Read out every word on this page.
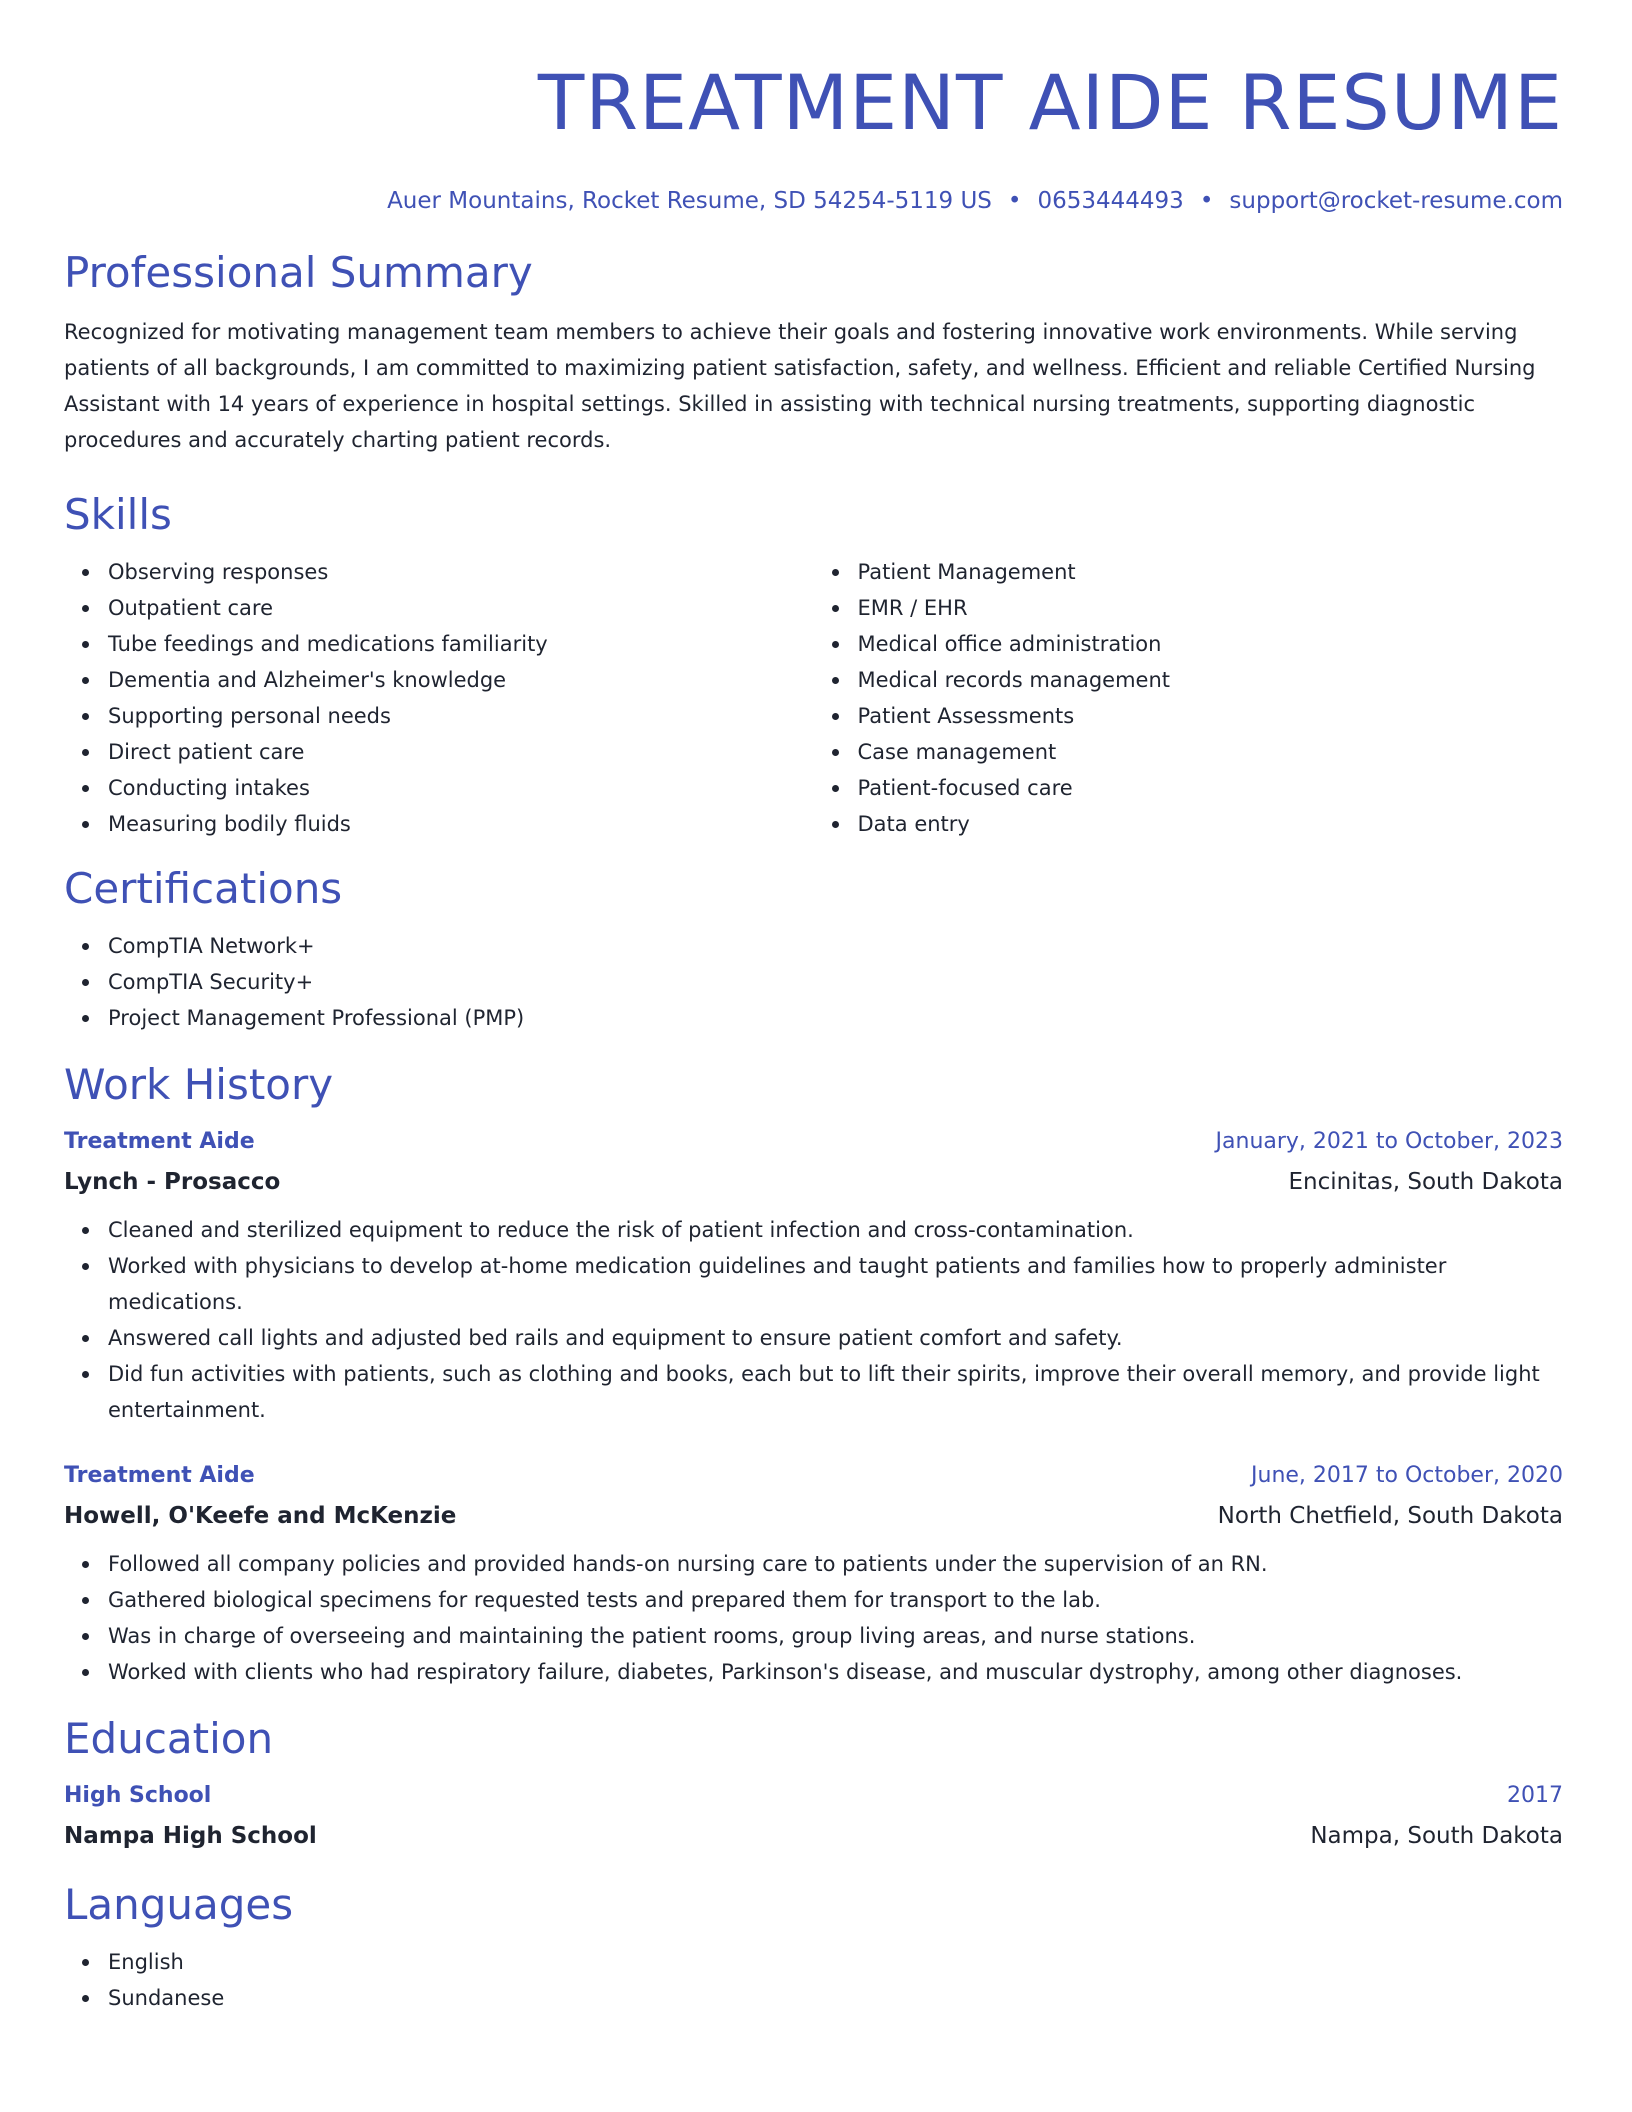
TREATMENT AIDE RESUME
Auer Mountains, Rocket Resume, SD 54254-5119 US • 0653444493 • support@rocket-resume.com
Professional Summary

Recognized for motivating management team members to achieve their goals and fostering innovative work environments. While serving patients of all backgrounds, I am committed to maximizing patient satisfaction, safety, and wellness. Efficient and reliable Certified Nursing Assistant with 14 years of experience in hospital settings. Skilled in assisting with technical nursing treatments, supporting diagnostic procedures and accurately charting patient records.

Skills
Observing responses
Outpatient care
Tube feedings and medications familiarity
Dementia and Alzheimer's knowledge
Supporting personal needs
Direct patient care
Conducting intakes
Measuring bodily fluids
Patient Management
EMR / EHR
Medical office administration
Medical records management
Patient Assessments
Case management
Patient-focused care
Data entry
Certifications
CompTIA Network+
CompTIA Security+
Project Management Professional (PMP)
Work History
Treatment Aide	January, 2021 to October, 2023
Lynch - Prosacco	Encinitas, South Dakota
Cleaned and sterilized equipment to reduce the risk of patient infection and cross-contamination.
Worked with physicians to develop at-home medication guidelines and taught patients and families how to properly administer medications.
Answered call lights and adjusted bed rails and equipment to ensure patient comfort and safety.
Did fun activities with patients, such as clothing and books, each but to lift their spirits, improve their overall memory, and provide light entertainment.
Treatment Aide	June, 2017 to October, 2020
Howell, O'Keefe and McKenzie	North Chetfield, South Dakota
Followed all company policies and provided hands-on nursing care to patients under the supervision of an RN.
Gathered biological specimens for requested tests and prepared them for transport to the lab.
Was in charge of overseeing and maintaining the patient rooms, group living areas, and nurse stations.
Worked with clients who had respiratory failure, diabetes, Parkinson's disease, and muscular dystrophy, among other diagnoses.
Education
High School	2017
Nampa High School	Nampa, South Dakota
Languages
English
Sundanese
